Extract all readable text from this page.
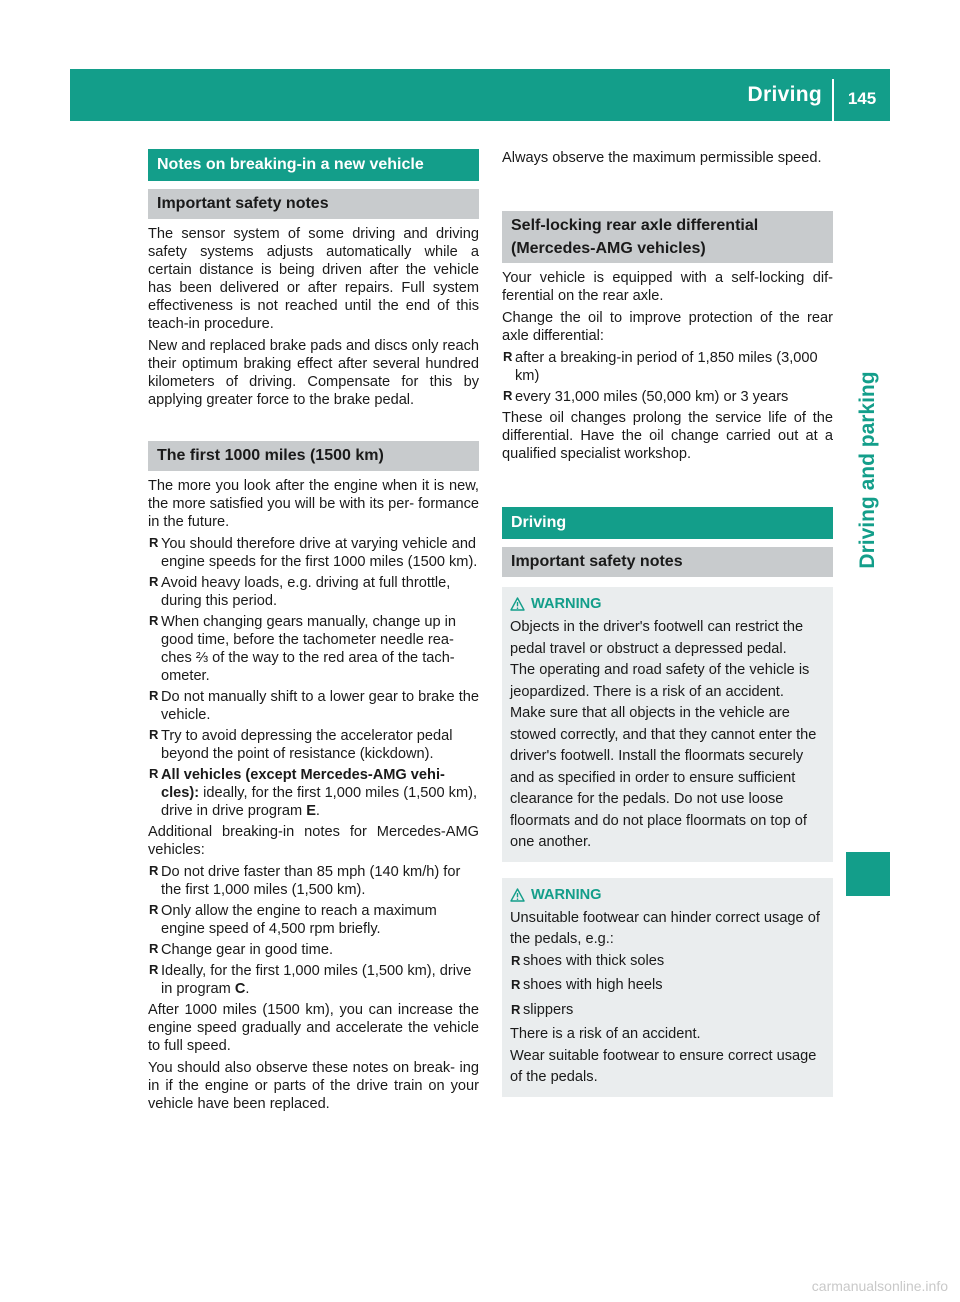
Driving	145
Driving and parking
Notes on breaking-in a new vehicle
Important safety notes

The sensor system of some driving and driving safety systems adjusts automatically while a certain distance is being driven after the vehicle has been delivered or after repairs. Full system effectiveness is not reached until the end of this teach-in procedure.

New and replaced brake pads and discs only reach their optimum braking effect after several hundred kilometers of driving. Compensate for this by applying greater force to the brake pedal.

The first 1000 miles (1500 km)

The more you look after the engine when it is new, the more satisfied you will be with its per- formance in the future.

R You should therefore drive at varying vehicle and engine speeds for the first 1000 miles (1500 km).
R Avoid heavy loads, e.g. driving at full throttle, during this period.
R When changing gears manually, change up in good time, before the tachometer needle rea- ches ⅔ of the way to the red area of the tach- ometer.
R Do not manually shift to a lower gear to brake the vehicle.
R Try to avoid depressing the accelerator pedal beyond the point of resistance (kickdown).
R All vehicles (except Mercedes-AMG vehi- cles): ideally, for the first 1,000 miles (1,500 km), drive in drive program E.

Additional breaking-in notes for Mercedes-AMG vehicles:

R Do not drive faster than 85 mph (140 km/h) for the first 1,000 miles (1,500 km).
R Only allow the engine to reach a maximum engine speed of 4,500 rpm briefly.
R Change gear in good time.
R Ideally, for the first 1,000 miles (1,500 km), drive in program C.

After 1000 miles (1500 km), you can increase the engine speed gradually and accelerate the vehicle to full speed.

You should also observe these notes on break- ing in if the engine or parts of the drive train on your vehicle have been replaced.

Always observe the maximum permissible speed.

Self-locking rear axle differential (Mercedes-AMG vehicles)

Your vehicle is equipped with a self-locking dif- ferential on the rear axle.

Change the oil to improve protection of the rear axle differential:

R after a breaking-in period of 1,850 miles (3,000 km)
R every 31,000 miles (50,000 km) or 3 years

These oil changes prolong the service life of the differential. Have the oil change carried out at a qualified specialist workshop.

Driving
Important safety notes
WARNING

Objects in the driver's footwell can restrict the pedal travel or obstruct a depressed pedal.

The operating and road safety of the vehicle is jeopardized. There is a risk of an accident.

Make sure that all objects in the vehicle are stowed correctly, and that they cannot enter the driver's footwell. Install the floormats securely and as specified in order to ensure sufficient clearance for the pedals. Do not use loose floormats and do not place floormats on top of one another.

WARNING

Unsuitable footwear can hinder correct usage of the pedals, e.g.:

R shoes with thick soles
R shoes with high heels
R slippers

There is a risk of an accident.

Wear suitable footwear to ensure correct usage of the pedals.

carmanualsonline.info
